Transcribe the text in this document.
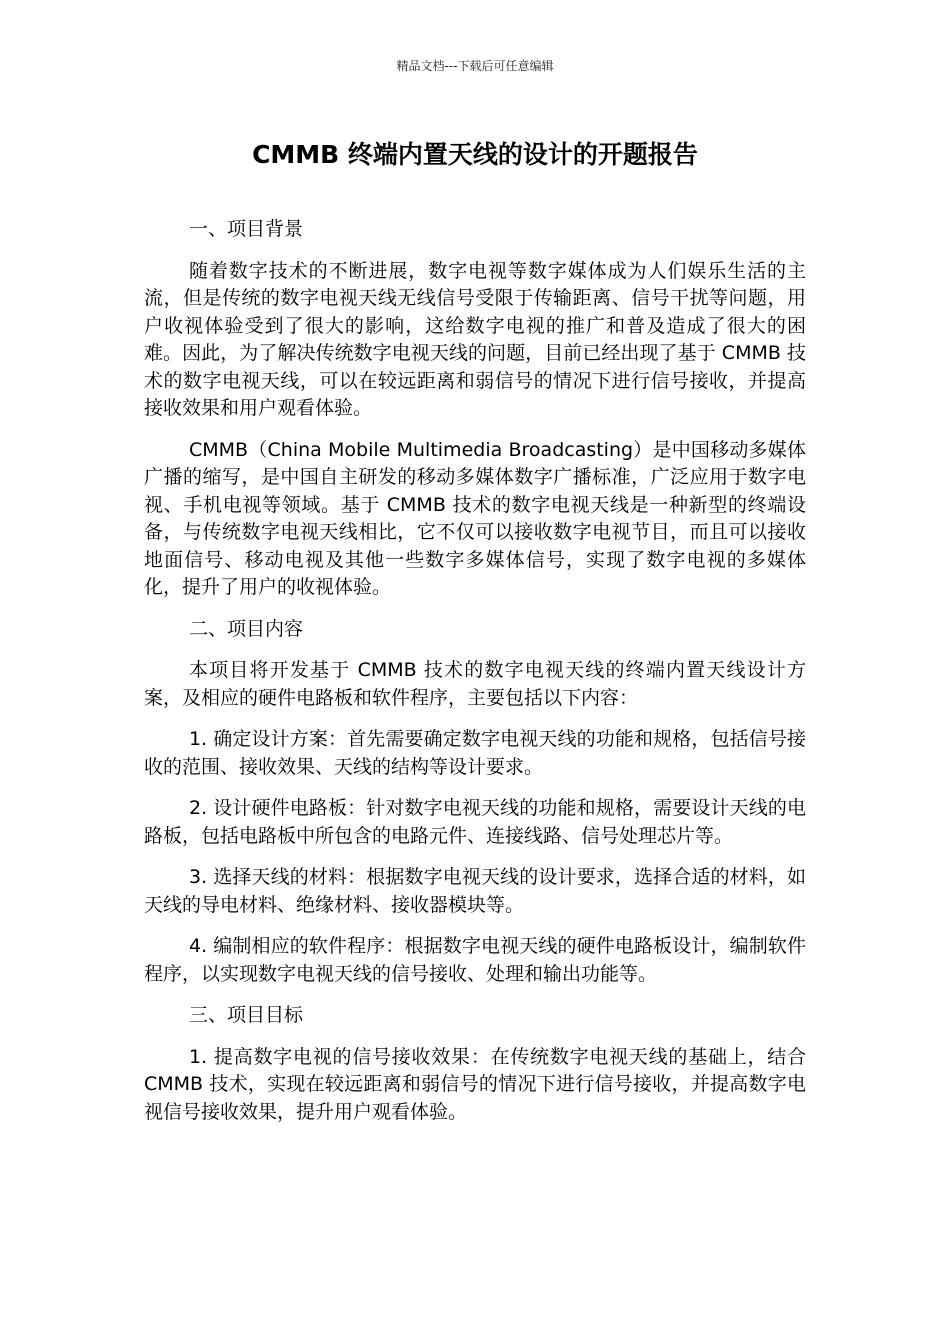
精品文档---下载后可任意编辑
CMMB 终端内置天线的设计的开题报告

一、项目背景

随着数字技术的不断进展，数字电视等数字媒体成为人们娱乐生活的主流，但是传统的数字电视天线无线信号受限于传输距离、信号干扰等问题，用户收视体验受到了很大的影响，这给数字电视的推广和普及造成了很大的困难。因此，为了解决传统数字电视天线的问题，目前已经出现了基于 CMMB 技术的数字电视天线，可以在较远距离和弱信号的情况下进行信号接收，并提高接收效果和用户观看体验。

CMMB（China Mobile Multimedia Broadcasting）是中国移动多媒体广播的缩写，是中国自主研发的移动多媒体数字广播标准，广泛应用于数字电视、手机电视等领域。基于 CMMB 技术的数字电视天线是一种新型的终端设备，与传统数字电视天线相比，它不仅可以接收数字电视节目，而且可以接收地面信号、移动电视及其他一些数字多媒体信号，实现了数字电视的多媒体化，提升了用户的收视体验。

二、项目内容

本项目将开发基于 CMMB 技术的数字电视天线的终端内置天线设计方案，及相应的硬件电路板和软件程序，主要包括以下内容：

1. 确定设计方案：首先需要确定数字电视天线的功能和规格，包括信号接收的范围、接收效果、天线的结构等设计要求。

2. 设计硬件电路板：针对数字电视天线的功能和规格，需要设计天线的电路板，包括电路板中所包含的电路元件、连接线路、信号处理芯片等。

3. 选择天线的材料：根据数字电视天线的设计要求，选择合适的材料，如天线的导电材料、绝缘材料、接收器模块等。

4. 编制相应的软件程序：根据数字电视天线的硬件电路板设计，编制软件程序，以实现数字电视天线的信号接收、处理和输出功能等。

三、项目目标

1. 提高数字电视的信号接收效果：在传统数字电视天线的基础上，结合 CMMB 技术，实现在较远距离和弱信号的情况下进行信号接收，并提高数字电视信号接收效果，提升用户观看体验。
